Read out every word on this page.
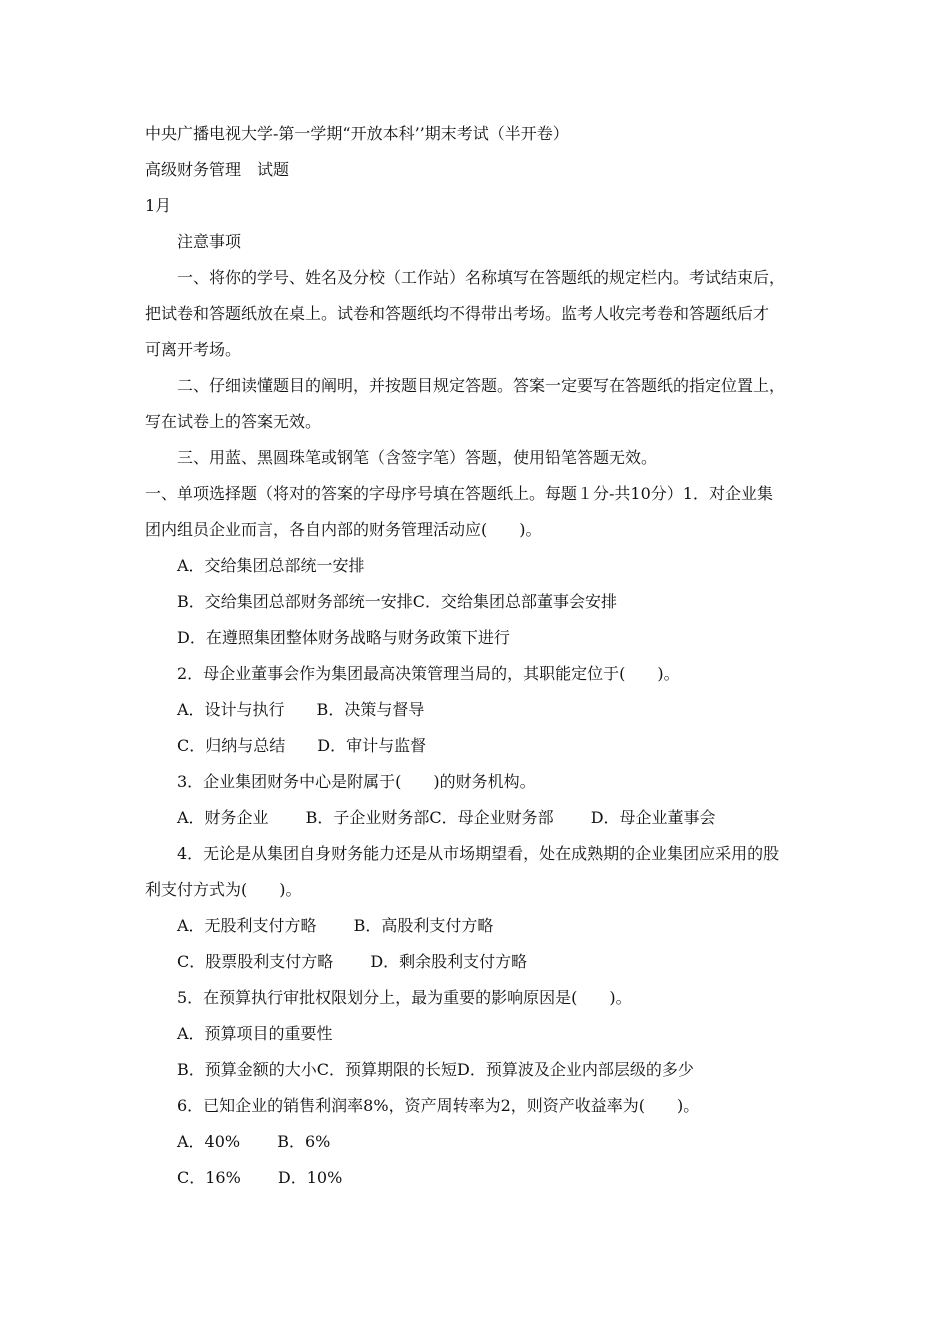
中央广播电视大学-第一学期“开放本科’’期末考试（半开卷）
高级财务管理　试题
1月
注意事项
一、将你的学号、姓名及分校（工作站）名称填写在答题纸的规定栏内。考试结束后，
把试卷和答题纸放在桌上。试卷和答题纸均不得带出考场。监考人收完考卷和答题纸后才
可离开考场。
二、仔细读懂题目的阐明，并按题目规定答题。答案一定要写在答题纸的指定位置上，
写在试卷上的答案无效。
三、用蓝、黑圆珠笔或钢笔（含签字笔）答题，使用铅笔答题无效。
一、单项选择题（将对的答案的字母序号填在答题纸上。每题１分-共10分）1．对企业集
团内组员企业而言，各自内部的财务管理活动应(　　)。
A．交给集团总部统一安排
B．交给集团总部财务部统一安排C．交给集团总部董事会安排
D．在遵照集团整体财务战略与财务政策下进行
2．母企业董事会作为集团最高决策管理当局的，其职能定位于(　　)。
A．设计与执行　　B．决策与督导
C．归纳与总结　　D．审计与监督
3．企业集团财务中心是附属于(　　)的财务机构。
A．财务企业　　 B．子企业财务部C．母企业财务部　　 D．母企业董事会
4．无论是从集团自身财务能力还是从市场期望看，处在成熟期的企业集团应采用的股
利支付方式为(　　)。
A．无股利支付方略　　 B．高股利支付方略
C．股票股利支付方略　　 D．剩余股利支付方略
5．在预算执行审批权限划分上，最为重要的影响原因是(　　)。
A．预算项目的重要性
B．预算金额的大小C．预算期限的长短D．预算波及企业内部层级的多少
6．已知企业的销售利润率8%，资产周转率为2，则资产收益率为(　　)。
A．40%　　 B．6%
C．16%　　 D．10%
